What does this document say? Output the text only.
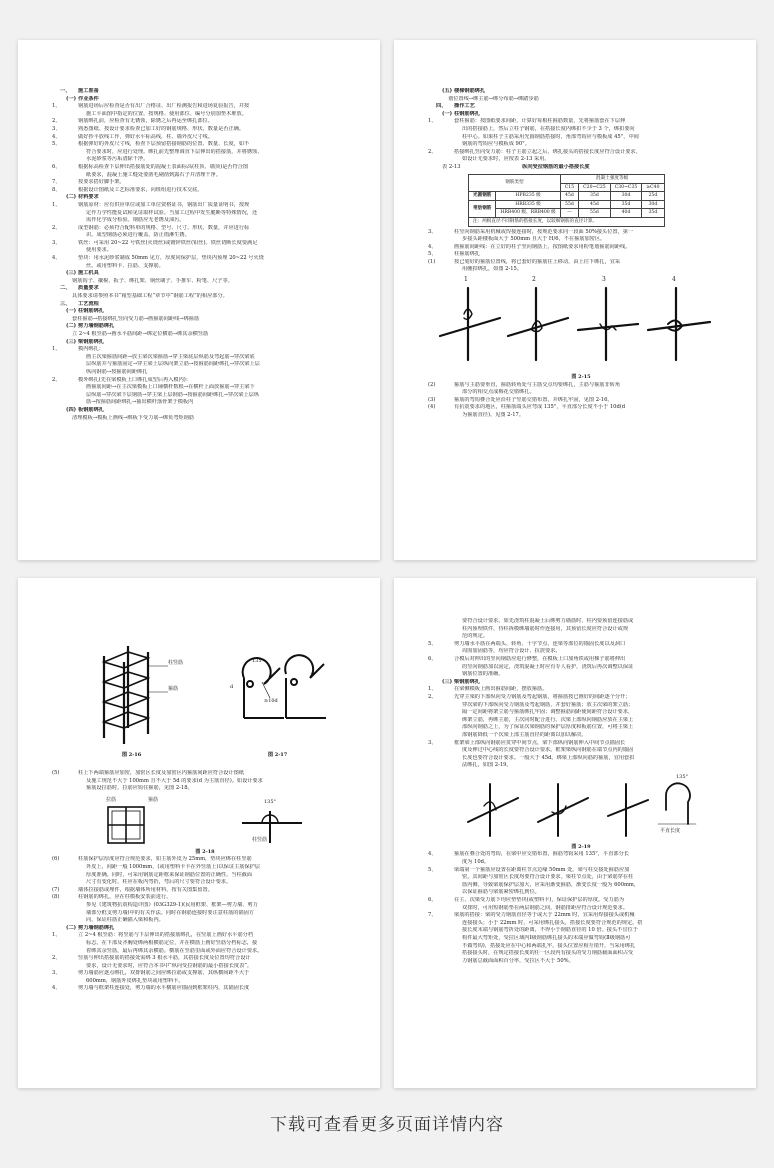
一、 施工准备
(一) 作业条件
1、	钢筋进场后应检查是否有出厂合格证、出厂检测报告和进场复验报告，并按
施工平面图中指定的位置，按规格、使用部位、编号分别加垫木堆放。
2、	钢筋绑扎前，应检查有无锈蚀，除锈之后再运至绑扎部位。
3、	熟悉图纸、按设计要求检查已加工好的钢筋规格、形状、数量是否正确。
4、	做好抄平放线工作，弹好水平标高线，柱、墙外皮尺寸线。
5、	根据弹好的外皮尺寸线，检查下层预留搭接钢筋的位置、数量、长度，如不
符合要求时，应进行处理。绑扎前先整理调直下层伸出的搭接筋，并将锈蚀、
水泥砂浆等污垢清除干净。
6、	根据标高检查下层伸出搭接筋处的混凝土表面标高(柱顶、墙顶)是否符合图
纸要求，混凝土施工缝处要凿毛剔凿到露石子并清理干净。
7、	按要求搭好脚手架。
8、	根据设计图纸及工艺标准要求，向班组进行技术交底。
(二) 材料要求
1、	钢筋原材：应有供应单位或加工单位资格证书，钢筋出厂质量证明书，按规
定作力学性能复试和见证取样试验。当加工过程中发生脆断等特殊情况，还
需作化学成分检验。钢筋应无老锈及油污。
2、	成型钢筋：必须符合配料单的规格、型号、尺寸、形状、数量，并应进行标
识。成型钢筋必须进行覆盖，防止雨淋生锈。
3、	铁丝：可采用 20~22 号铁丝(火烧丝)或镀锌铁丝(铅丝)。铁丝切断长度要满足
使用要求。
4、	垫块：用水泥砂浆制成 50mm 见方，厚度同保护层，垫块内预埋 20~22 号火烧
丝。或用塑料卡、拉筋、支撑筋。
(三) 施工机具
钢筋钩子、撬棍、扳子、绑扎架、钢丝刷子、手推车、粉笔、尺子等。
二、 质量要求
具体要求请参照本书“箱型基础工程”章节中“钢筋工程”的相应部分。
三、 工艺流程
(一) 柱钢筋绑扎
套柱箍筋→搭接绑扎竖向受力筋→画箍筋间距线→绑箍筋
(二) 剪力墙钢筋绑扎
立 2~4 根竖筋→画水平筋间距→绑定位横筋→绑其余横竖筋
(三) 梁钢筋绑扎
1、	模内绑扎：
画主次梁箍筋间距→放主梁次梁箍筋→穿主梁底层纵筋及弯起筋→穿次梁底
层纵筋并与箍筋固定→穿主梁上层纵向架立筋→按箍筋间距绑扎→穿次梁上层
纵向钢筋→按箍筋间距绑扎
2、	模外绑扎(先在梁模板上口绑扎成型后再入模内)：
画箍筋间距→在主次梁模板上口铺横杆数根→在横杆上面放箍筋→穿主梁下
层纵筋→穿次梁下层钢筋→穿主梁上层钢筋→按箍筋间距绑扎→穿次梁上层纵
筋→按箍筋间距绑扎→抽出横杆落骨架于模板内
(四) 板钢筋绑扎
清理模板→模板上画线→绑板下受力筋→绑负弯矩钢筋
(五) 楼梯钢筋绑扎
划位置线→绑主筋→绑分布筋→绑踏步筋
四、 操作工艺
(一) 柱钢筋绑扎
1、	套柱箍筋：按图纸要求间距，计算好每根柱箍筋数量，先将箍筋套在下层伸
出的搭接筋上，然后立柱子钢筋，在搭接长度内绑扣不少于 3 个，绑扣要向
柱中心。如果柱子主筋采用光圆钢筋搭接时，角部弯钩应与模板成 45°，中间
钢筋的弯钩应与模板成 90°。
2、	搭接绑扎竖向受力筋：柱子主筋立起之后，绑扎接头的搭接长度应符合设计要求，
如设计无要求时，应按表 2-13 采用。
表 2-13	纵向受拉钢筋的最小搭接长度
钢筋类型		混凝土强度等级			
		C15	C20~C25	C30~C35	≥C40
光圆钢筋	HPB235 级	45d	35d	30d	25d
带肋钢筋	HRB335 级	55d	45d	35d	30d
	HRB400 级、RRB400 级	—	55d	40d	35d
注：两根直径不同钢筋的搭接长度，以较细钢筋的直径计算。					
3、	柱竖向钢筋采用机械或焊接连接时，按规范要求同一段面 50%接头位置，第一
步接头距楼板面大于 500mm 且大于 H/6，不在箍筋加密区。
4、	画箍筋间距线：在立好的柱子竖向钢筋上，按图纸要求用粉笔划箍筋间距线。
5、	柱箍筋绑扎
(1)	按已划好的箍筋位置线，将已套好的箍筋往上移动，由上往下绑扎，宜采
用缠扣绑扎，如图 2-15。
1	2	3	4
图 2-15
(2)	箍筋与主筋要垂直，箍筋转角处与主筋交点均要绑扎，主筋与箍筋非转角
部分的相交点成梅花交错绑扎。
(3)	箍筋的弯钩叠合处应沿柱子竖筋交错布置，并绑扎牢固，见图 2-16。
(4)	有抗震要求的地区，柱箍筋端头应弯成 135°，平直部分长度不小于 10d(d
为箍筋直径)。见图 2-17。
柱竖筋
箍筋
135°
d
≥10d
图 2-16	图 2-17
(5)	柱上下两端箍筋应加密，加密区长度及加密区内箍筋间距应符合设计图纸
及施工规范不大于 100mm 且不大于 5d 的要求(d 为主筋直径)。如设计要求
箍筋设拉筋时，拉筋应钩住箍筋，见图 2-18。
拉筋	箍筋	135°
柱竖筋
图 2-18
(6)	柱筋保护层厚度应符合规范要求，如主筋外皮为 25mm，垫块应绑在柱竖筋
外皮上，间距一般 1000mm，(或用塑料卡卡在外竖筋上)以保证主筋保护层
厚度准确。同时，可采用钢筋定距框来保证钢筋位置的正确性。当柱截面
尺寸有变化时，柱应在板内弯折，弯后的尺寸要符合设计要求。
(7)	墙体拉接筋或埋件，根据墙体所用材料，按有关图集留置。
(8)	柱钢筋的绑扎，应在柱模板安装前进行。
参见《建筑物抗震构造详图》(03G329-1)(民用框架、框架—剪力墙、剪力
墙部分框支剪力墙)中的有关作法。同时在钢筋连接时要注意柱筋的锚固方
向，保证柱筋正确锚入梁和板内。
(二) 剪力墙钢筋绑扎
1、	立 2~4 根竖筋：将竖筋与下层伸出的搭接筋绑扎，在竖筋上画好水平筋分档
标志，在下部及齐胸处绑两根横筋定位，并在横筋上画好竖筋分档标志，接
着绑其余竖筋，最后再绑其余横筋。横筋在竖筋里面或外面应符合设计要求。
2、	竖筋与伸出搭接筋的搭接处需绑 3 根水平筋，其搭接长度及位置均符合设计
要求，设计无要求时，应符合本书中“纵向受拉钢筋的最小搭接长度表”。
3、	剪力墙筋应逐点绑扎，双排钢筋之间应绑拉筋或支撑筋，其纵横间距不大于
600mm，钢筋外皮绑扎垫块或用塑料卡。
4、	剪力墙与框架柱连接处，剪力墙的水平横筋应锚固到框架柱内，其锚固长度
要符合设计要求。如先浇筑柱混凝土后绑剪力墙筋时，柱内要预留连接筋或
柱内预埋铁件，待柱拆模绑墙筋时作连接用，其预留长度应符合设计或规
范的规定。
5、	剪力墙水平筋在两端头、转角、十字节点、连梁等部位的锚固长度以及洞口
周围加固筋等，均应符合设计、抗震要求。
6、	合模后对伸出的竖向钢筋应进行修整，在模板上口加角铁或用梯子筋将伸出
的竖向钢筋加以固定，浇筑混凝土时应有专人看护，浇筑后再次调整以保证
钢筋位置的准确。
(三) 梁钢筋绑扎
1、	在梁侧模板上画出箍筋间距，摆放箍筋。
2、	先穿主梁的下部纵向受力钢筋及弯起钢筋，将箍筋按已画好的间距逐个分开；
穿次梁的下部纵向受力钢筋及弯起钢筋，并套好箍筋；放主次梁的架立筋；
隔一定间距将架立筋与箍筋绑扎牢固；调整箍筋间距使间距符合设计要求，
绑架立筋，再绑主筋，主次同时配合进行。次梁上部纵向钢筋应放在主梁上
部纵向钢筋之上，为了保证次梁钢筋的保护层厚度和板筋位置，可将主梁上
部钢筋降低一个次梁上部主筋直径的距离以加以解决。
3、	框架梁上部纵向钢筋应贯穿中间节点，梁下部纵向钢筋伸入中间节点锚固长
度及伸过中心线的长度要符合设计要求。框架梁纵向钢筋在端节点内的锚固
长度也要符合设计要求。一般大于 45d。绑梁上部纵向筋的箍筋，宜用套扣
法绑扎，如图 2-19。
135°
平直长度
图 2-19
4、	箍筋在叠合处的弯钩，在梁中应交错布置，箍筋弯钩采用 135°，平直部分长
度为 10d。
5、	梁端第一个箍筋应设置在距离柱节点边缘 50mm 处。梁与柱交接处箍筋应加
密，其间距与加密区长度均要符合设计要求。梁柱节点处，由于梁筋穿在柱
筋内侧，导致梁筋保护层加大，应采用渐变箍筋，渐变长度一般为 600mm，
以保证箍筋与梁筋紧密绑扎到位。
6、	在主、次梁受力筋下均应垫垫块(或塑料卡)，保证保护层的厚度。受力筋为
双排时，可用短钢筋垫在两层钢筋之间，钢筋排距应符合设计规范要求。
7、	梁筋的搭接：梁的受力钢筋直径等于或大于 22mm 时，宜采用焊接接头或机械
连接接头；小于 22mm 时，可采用绑扎接头，搭接长度要符合规范的规定。搭
接长度末端与钢筋弯折处的距离，不得小于钢筋直径的 10 倍。接头不宜位于
构件最大弯矩处，受拉区域内Ⅰ级钢筋绑扎接头的末端应做弯钩(Ⅱ级钢筋可
不做弯钩)，搭接处应在中心和两端扎牢。接头位置应相互错开，当采用绑扎
搭接接头时，在规定搭接长度的任一区段内有接头的受力钢筋截面面积占受
力钢筋总截面面积百分率，受拉区不大于 50%。
下载可查看更多页面详情内容
